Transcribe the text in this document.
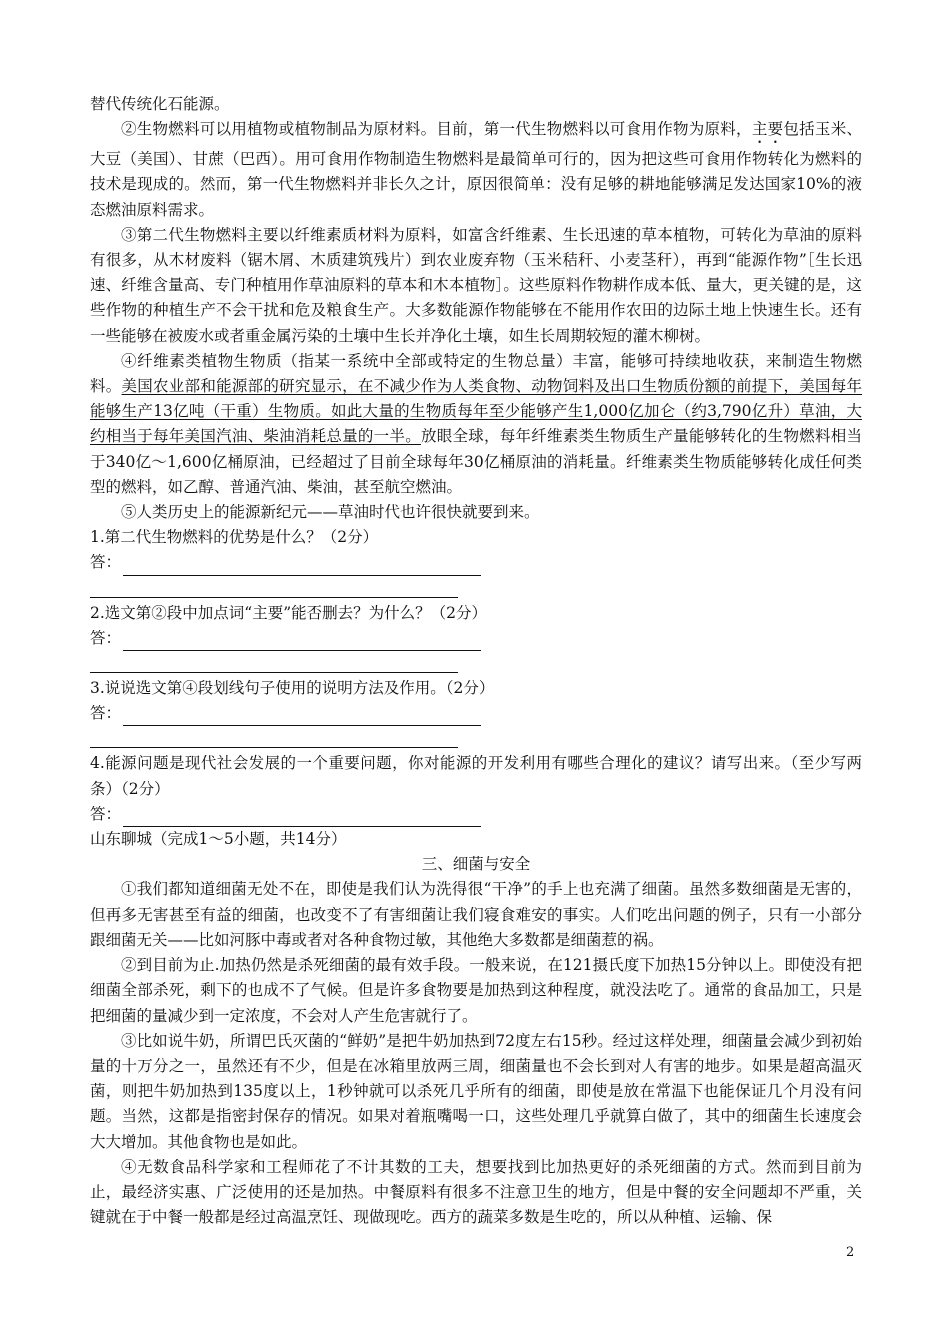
替代传统化石能源。

②生物燃料可以用植物或植物制品为原材料。目前，第一代生物燃料以可食用作物为原料，主要包括玉米、大豆（美国）、甘蔗（巴西）。用可食用作物制造生物燃料是最简单可行的，因为把这些可食用作物转化为燃料的技术是现成的。然而，第一代生物燃料并非长久之计，原因很简单：没有足够的耕地能够满足发达国家10%的液态燃油原料需求。

③第二代生物燃料主要以纤维素质材料为原料，如富含纤维素、生长迅速的草本植物，可转化为草油的原料有很多，从木材废料（锯木屑、木质建筑残片）到农业废弃物（玉米秸秆、小麦茎秆），再到“能源作物”［生长迅速、纤维含量高、专门种植用作草油原料的草本和木本植物］。这些原料作物耕作成本低、量大，更关键的是，这些作物的种植生产不会干扰和危及粮食生产。大多数能源作物能够在不能用作农田的边际土地上快速生长。还有一些能够在被废水或者重金属污染的土壤中生长并净化土壤，如生长周期较短的灌木柳树。

④纤维素类植物生物质（指某一系统中全部或特定的生物总量）丰富，能够可持续地收获，来制造生物燃料。美国农业部和能源部的研究显示，在不减少作为人类食物、动物饲料及出口生物质份额的前提下，美国每年能够生产13亿吨（干重）生物质。如此大量的生物质每年至少能够产生1,000亿加仑（约3,790亿升）草油，大约相当于每年美国汽油、柴油消耗总量的一半。放眼全球，每年纤维素类生物质生产量能够转化的生物燃料相当于340亿～1,600亿桶原油，已经超过了目前全球每年30亿桶原油的消耗量。纤维素类生物质能够转化成任何类型的燃料，如乙醇、普通汽油、柴油，甚至航空燃油。

⑤人类历史上的能源新纪元——草油时代也许很快就要到来。

1.第二代生物燃料的优势是什么？（2分）

答：

2.选文第②段中加点词“主要”能否删去？为什么？（2分）

答：

3.说说选文第④段划线句子使用的说明方法及作用。（2分）

答：

4.能源问题是现代社会发展的一个重要问题，你对能源的开发利用有哪些合理化的建议？请写出来。（至少写两条）（2分）

答：

山东聊城（完成1～5小题，共14分）

三、细菌与安全

①我们都知道细菌无处不在，即使是我们认为洗得很“干净”的手上也充满了细菌。虽然多数细菌是无害的，但再多无害甚至有益的细菌，也改变不了有害细菌让我们寝食难安的事实。人们吃出问题的例子，只有一小部分跟细菌无关——比如河豚中毒或者对各种食物过敏，其他绝大多数都是细菌惹的祸。

②到目前为止.加热仍然是杀死细菌的最有效手段。一般来说，在121摄氏度下加热15分钟以上。即使没有把细菌全部杀死，剩下的也成不了气候。但是许多食物要是加热到这种程度，就没法吃了。通常的食品加工，只是把细菌的量减少到一定浓度，不会对人产生危害就行了。

③比如说牛奶，所谓巴氏灭菌的“鲜奶”是把牛奶加热到72度左右15秒。经过这样处理，细菌量会减少到初始量的十万分之一，虽然还有不少，但是在冰箱里放两三周，细菌量也不会长到对人有害的地步。如果是超高温灭菌，则把牛奶加热到135度以上，1秒钟就可以杀死几乎所有的细菌，即使是放在常温下也能保证几个月没有问题。当然，这都是指密封保存的情况。如果对着瓶嘴喝一口，这些处理几乎就算白做了，其中的细菌生长速度会大大增加。其他食物也是如此。

④无数食品科学家和工程师花了不计其数的工夫，想要找到比加热更好的杀死细菌的方式。然而到目前为止，最经济实惠、广泛使用的还是加热。中餐原料有很多不注意卫生的地方，但是中餐的安全问题却不严重，关键就在于中餐一般都是经过高温烹饪、现做现吃。西方的蔬菜多数是生吃的，所以从种植、运输、保

2
